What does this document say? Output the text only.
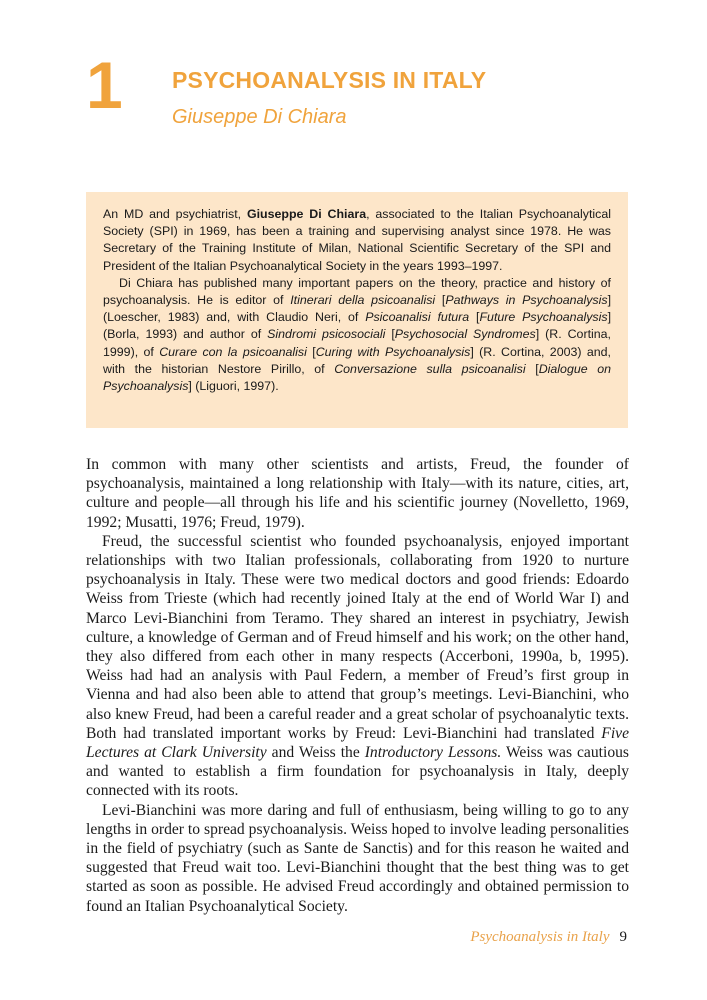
1 PSYCHOANALYSIS IN ITALY
Giuseppe Di Chiara

An MD and psychiatrist, Giuseppe Di Chiara, associated to the Italian Psychoanalytical Society (SPI) in 1969, has been a training and supervising analyst since 1978. He was Secretary of the Training Institute of Milan, National Scientific Secretary of the SPI and President of the Italian Psychoanalytical Society in the years 1993–1997.

Di Chiara has published many important papers on the theory, practice and history of psychoanalysis. He is editor of Itinerari della psicoanalisi [Pathways in Psychoanalysis] (Loescher, 1983) and, with Claudio Neri, of Psicoanalisi futura [Future Psychoanalysis] (Borla, 1993) and author of Sindromi psicosociali [Psychosocial Syndromes] (R. Cortina, 1999), of Curare con la psicoanalisi [Curing with Psychoanalysis] (R. Cortina, 2003) and, with the historian Nestore Pirillo, of Conversazione sulla psicoanalisi [Dialogue on Psychoanalysis] (Liguori, 1997).

In common with many other scientists and artists, Freud, the founder of psychoanalysis, maintained a long relationship with Italy—with its nature, cities, art, culture and people—all through his life and his scientific journey (Novelletto, 1969, 1992; Musatti, 1976; Freud, 1979).

Freud, the successful scientist who founded psychoanalysis, enjoyed important relationships with two Italian professionals, collaborating from 1920 to nurture psychoanalysis in Italy. These were two medical doctors and good friends: Edoardo Weiss from Trieste (which had recently joined Italy at the end of World War I) and Marco Levi-Bianchini from Teramo. They shared an interest in psychiatry, Jewish culture, a knowledge of German and of Freud himself and his work; on the other hand, they also differed from each other in many respects (Accerboni, 1990a, b, 1995). Weiss had had an analysis with Paul Federn, a member of Freud’s first group in Vienna and had also been able to attend that group’s meetings. Levi-Bianchini, who also knew Freud, had been a careful reader and a great scholar of psychoanalytic texts. Both had translated important works by Freud: Levi-Bianchini had translated Five Lectures at Clark University and Weiss the Introductory Lessons. Weiss was cautious and wanted to establish a firm foundation for psychoanalysis in Italy, deeply connected with its roots.

Levi-Bianchini was more daring and full of enthusiasm, being willing to go to any lengths in order to spread psychoanalysis. Weiss hoped to involve leading personalities in the field of psychiatry (such as Sante de Sanctis) and for this reason he waited and suggested that Freud wait too. Levi-Bianchini thought that the best thing was to get started as soon as possible. He advised Freud accordingly and obtained permission to found an Italian Psychoanalytical Society.

Psychoanalysis in Italy 9
